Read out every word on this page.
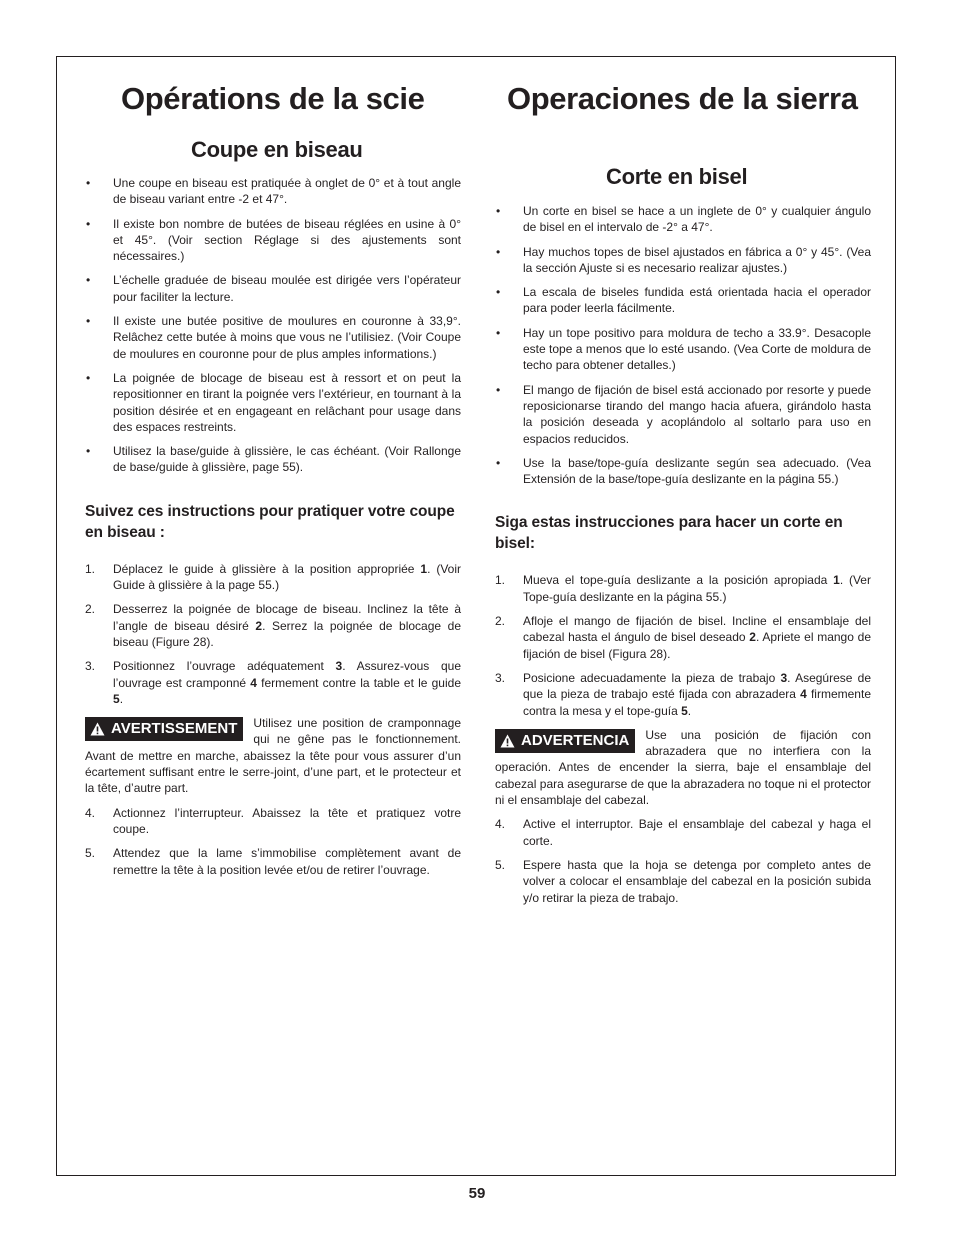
Opérations de la scie
Coupe en biseau
• Une coupe en biseau est pratiquée à onglet de 0° et à tout angle de biseau variant entre -2 et 47°.
• Il existe bon nombre de butées de biseau réglées en usine à 0° et 45°. (Voir section Réglage si des ajustements sont nécessaires.)
• L’échelle graduée de biseau moulée est dirigée vers l’opérateur pour faciliter la lecture.
• Il existe une butée positive de moulures en couronne à 33,9°. Relâchez cette butée à moins que vous ne l’utilisiez. (Voir Coupe de moulures en couronne pour de plus amples informations.)
• La poignée de blocage de biseau est à ressort et on peut la repositionner en tirant la poignée vers l’extérieur, en tournant à la position désirée et en engageant en relâchant pour usage dans des espaces restreints.
• Utilisez la base/guide à glissière, le cas échéant. (Voir Rallonge de base/guide à glissière, page 55).
Suivez ces instructions pour pratiquer votre coupe en biseau :
1. Déplacez le guide à glissière à la position appropriée 1. (Voir Guide à glissière à la page 55.)
2. Desserrez la poignée de blocage de biseau. Inclinez la tête à l’angle de biseau désiré 2. Serrez la poignée de blocage de biseau (Figure 28).
3. Positionnez l’ouvrage adéquatement 3. Assurez-vous que l’ouvrage est cramponné 4 fermement contre la table et le guide 5.
AVERTISSEMENT Utilisez une position de cramponnage qui ne gêne pas le fonctionnement. Avant de mettre en marche, abaissez la tête pour vous assurer d’un écartement suffisant entre le serre-joint, d’une part, et le protecteur et la tête, d’autre part.
4. Actionnez l’interrupteur. Abaissez la tête et pratiquez votre coupe.
5. Attendez que la lame s’immobilise complètement avant de remettre la tête à la position levée et/ou de retirer l’ouvrage.
Operaciones de la sierra
Corte en bisel
• Un corte en bisel se hace a un inglete de 0° y cualquier ángulo de bisel en el intervalo de -2° a 47°.
• Hay muchos topes de bisel ajustados en fábrica a 0° y 45°. (Vea la sección Ajuste si es necesario realizar ajustes.)
• La escala de biseles fundida está orientada hacia el operador para poder leerla fácilmente.
• Hay un tope positivo para moldura de techo a 33.9°. Desacople este tope a menos que lo esté usando. (Vea Corte de moldura de techo para obtener detalles.)
• El mango de fijación de bisel está accionado por resorte y puede reposicionarse tirando del mango hacia afuera, girándolo hasta la posición deseada y acoplándolo al soltarlo para uso en espacios reducidos.
• Use la base/tope-guía deslizante según sea adecuado. (Vea Extensión de la base/tope-guía deslizante en la página 55.)
Siga estas instrucciones para hacer un corte en bisel:
1. Mueva el tope-guía deslizante a la posición apropiada 1. (Ver Tope-guía deslizante en la página 55.)
2. Afloje el mango de fijación de bisel. Incline el ensamblaje del cabezal hasta el ángulo de bisel deseado 2. Apriete el mango de fijación de bisel (Figura 28).
3. Posicione adecuadamente la pieza de trabajo 3. Asegúrese de que la pieza de trabajo esté fijada con abrazadera 4 firmemente contra la mesa y el tope-guía 5.
ADVERTENCIA Use una posición de fijación con abrazadera que no interfiera con la operación. Antes de encender la sierra, baje el ensamblaje del cabezal para asegurarse de que la abrazadera no toque ni el protector ni el ensamblaje del cabezal.
4. Active el interruptor. Baje el ensamblaje del cabezal y haga el corte.
5. Espere hasta que la hoja se detenga por completo antes de volver a colocar el ensamblaje del cabezal en la posición subida y/o retirar la pieza de trabajo.
59
